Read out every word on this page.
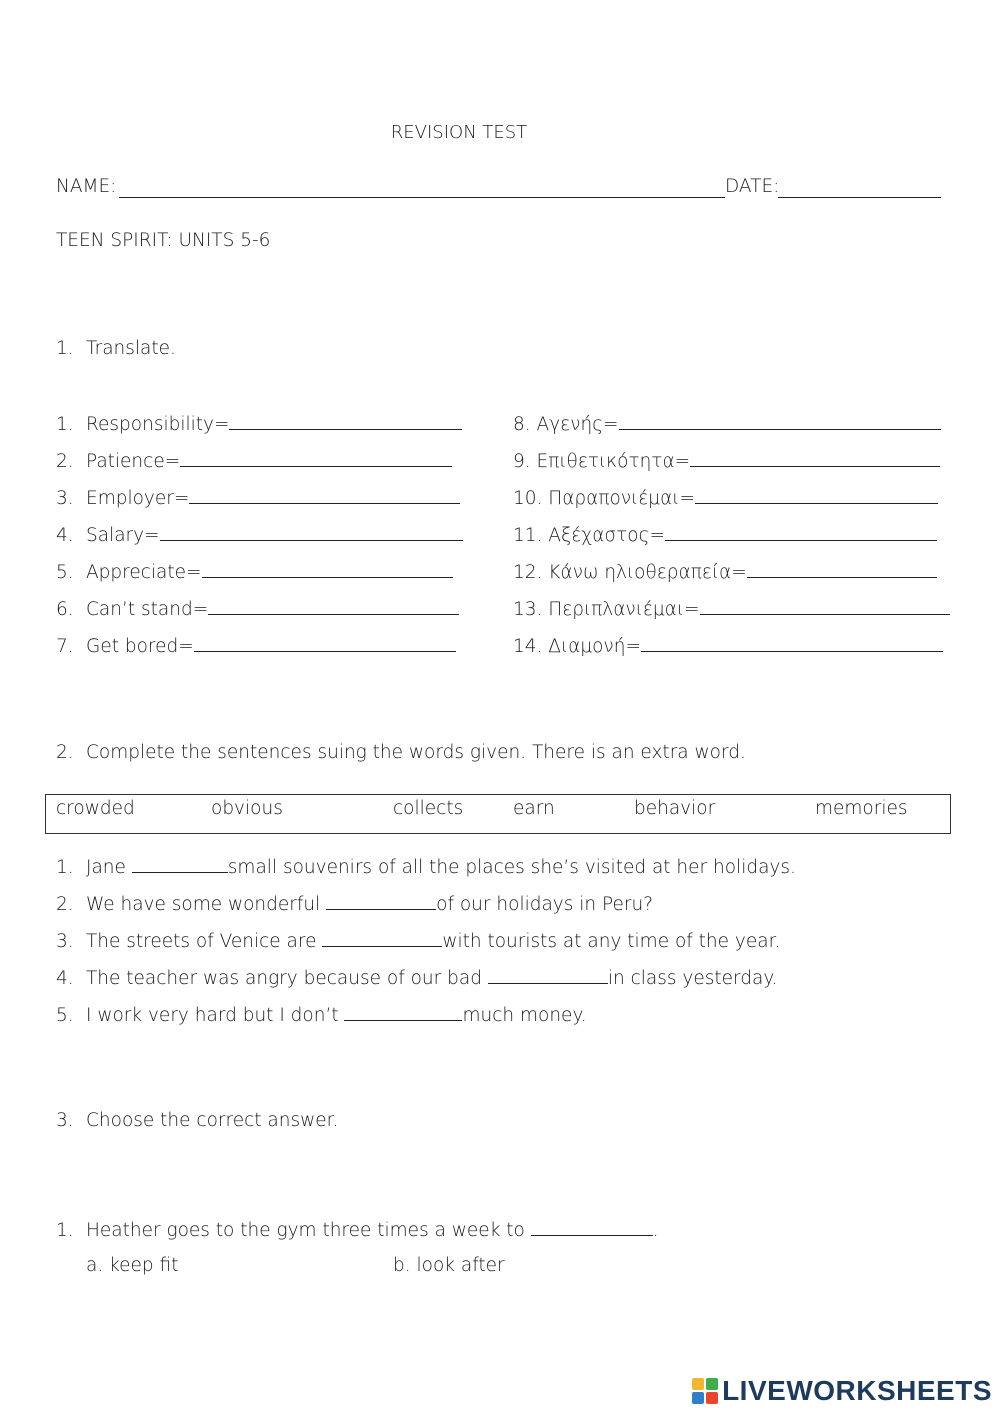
REVISION TEST
NAME:	DATE:
TEEN SPIRIT: UNITS 5-6
1. Translate.
1. Responsibility=
2. Patience=
3. Employer=
4. Salary=
5. Appreciate=
6. Can’t stand=
7. Get bored=
8. Αγενής=
9. Επιθετικότητα=
10. Παραπονιέμαι=
11. Αξέχαστος=
12. Κάνω ηλιοθεραπεία=
13. Περιπλανιέμαι=
14. Διαμονή=
2. Complete the sentences suing the words given. There is an extra word.
crowded	obvious	collects	earn	behavior	memories
1. Jane	small souvenirs of all the places she’s visited at her holidays.
2. We have some wonderful	of our holidays in Peru?
3. The streets of Venice are	with tourists at any time of the year.
4. The teacher was angry because of our bad	in class yesterday.
5. I work very hard but I don’t	much money.
3. Choose the correct answer.
1. Heather goes to the gym three times a week to	.
a. keep fit	b. look after
LIVEWORKSHEETS
